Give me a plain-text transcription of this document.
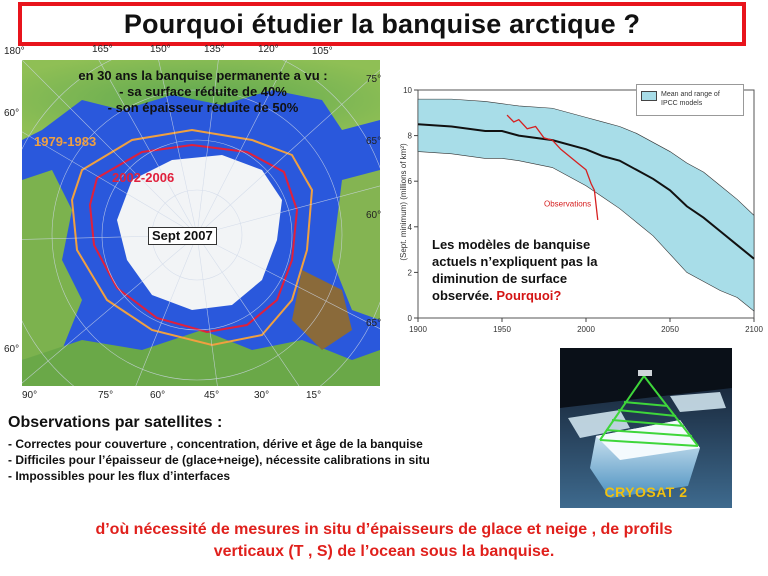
Pourquoi étudier la banquise arctique ?
en 30 ans la banquise permanente a vu :
- sa surface réduite de 40%
- son épaisseur réduite de 50%
1979-1983
2002-2006
Sept 2007
180°	165°	150°	135°	120°	105°
60°
75°
60°
90°	75°	60°	45°	30°	15°
65°
60°
65°
(Sept. minimum) (millions of km²)	Observations
1900	1950	2000	2050	2100
0
2
4
6
8
10	Mean and range of
IPCC models
Les modèles de banquise
actuels n’expliquent pas la
diminution de surface
observée. Pourquoi?
CRYOSAT 2
Observations par satellites :
- Correctes pour couverture , concentration, dérive et âge de la banquise
- Difficiles pour l’épaisseur de (glace+neige), nécessite calibrations in situ
- Impossibles pour les flux d’interfaces
d’où nécessité de mesures in situ d’épaisseurs de glace et neige , de profils
verticaux (T , S) de l’ocean sous la banquise.
